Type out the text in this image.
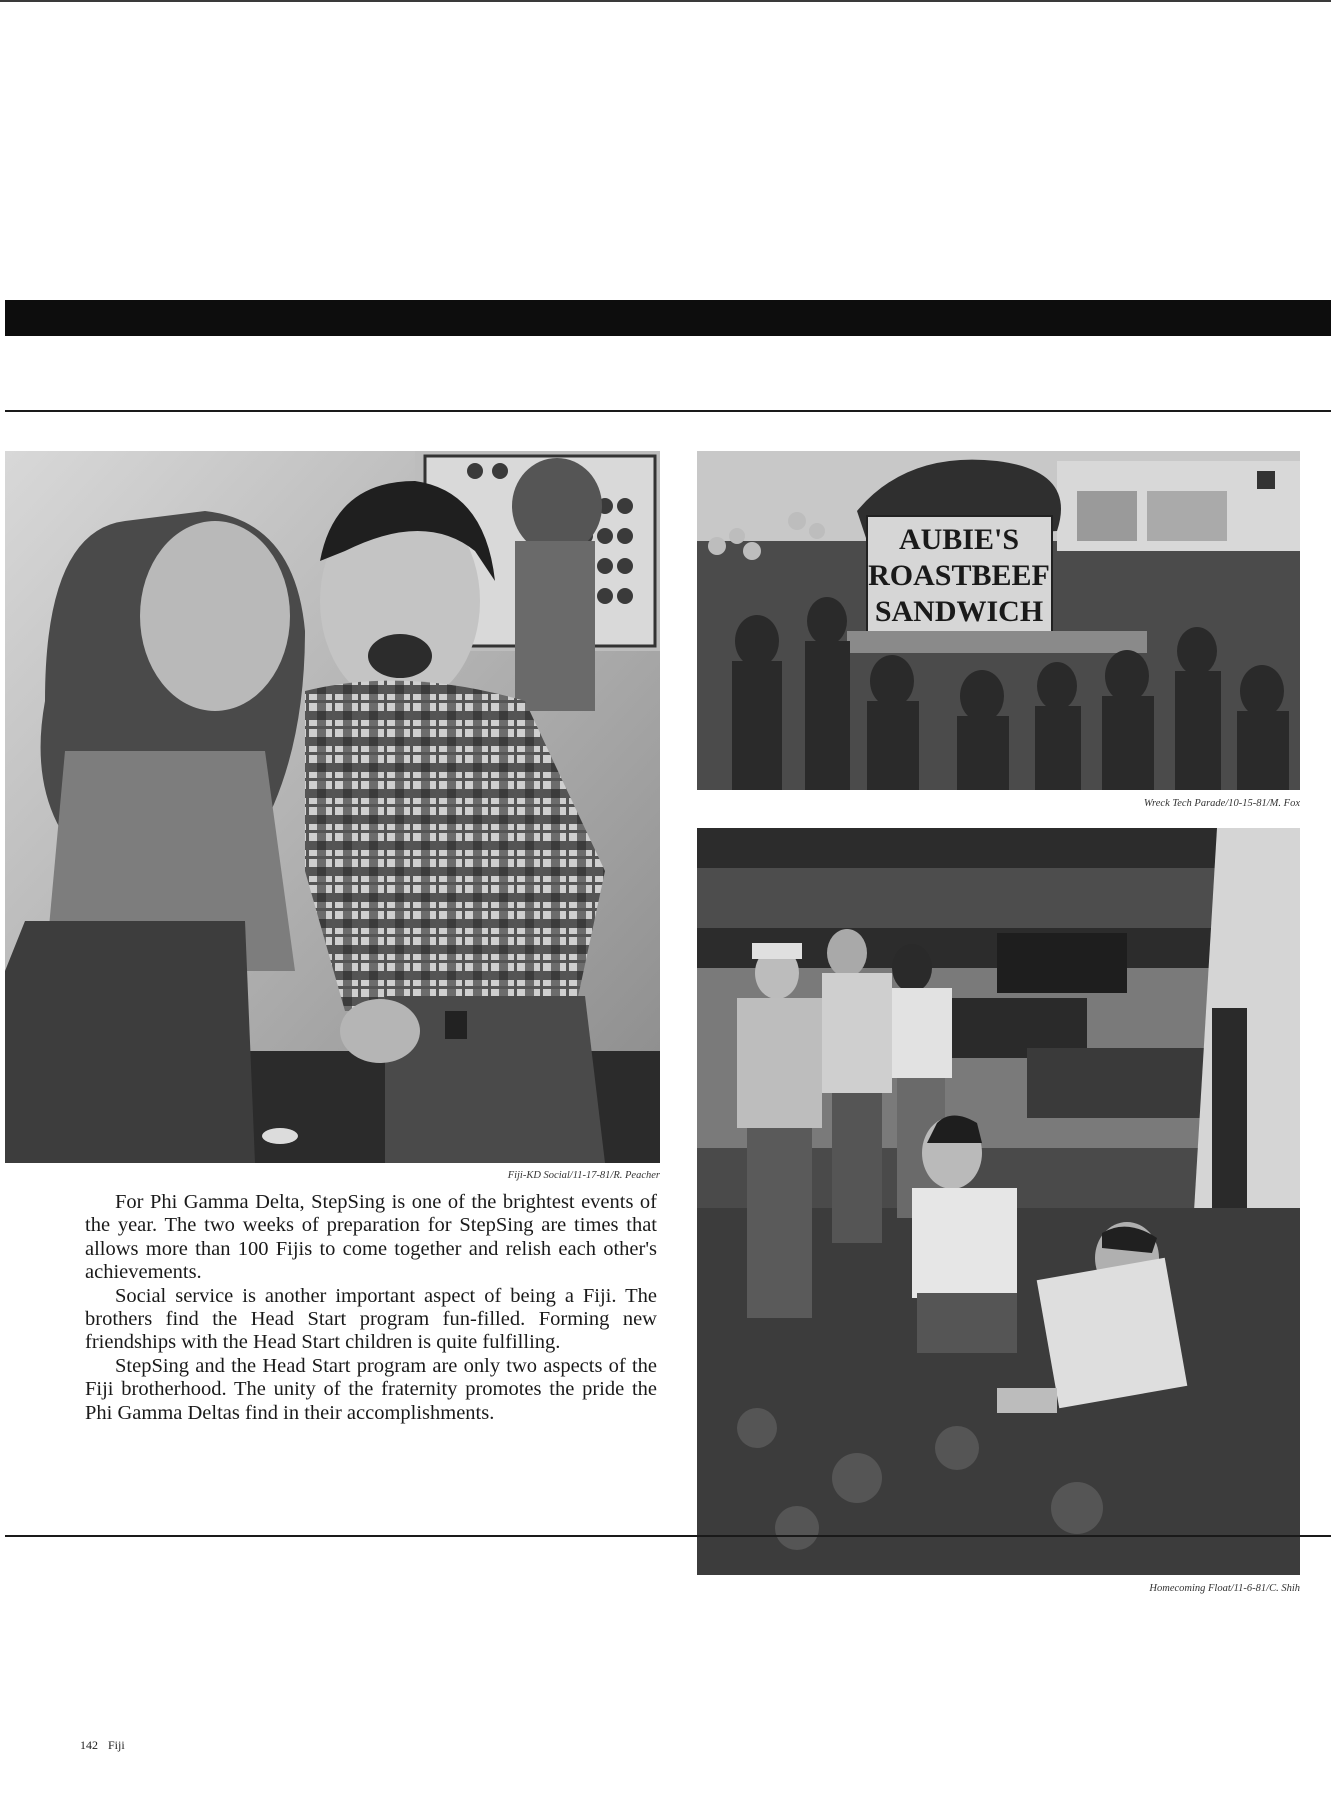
Fiji-KD Social/11-17-81/R. Peacher
AUBIE'S
ROASTBEEF
SANDWICH
Wreck Tech Parade/10-15-81/M. Fox
Homecoming Float/11-6-81/C. Shih

For Phi Gamma Delta, StepSing is one of the brightest events of the year. The two weeks of preparation for StepSing are times that allows more than 100 Fijis to come together and relish each other's achievements.

Social service is another important aspect of being a Fiji. The brothers find the Head Start program fun-filled. Forming new friendships with the Head Start children is quite fulfilling.

StepSing and the Head Start program are only two aspects of the Fiji brotherhood. The unity of the fraternity promotes the pride the Phi Gamma Deltas find in their accomplishments.

142 Fiji
